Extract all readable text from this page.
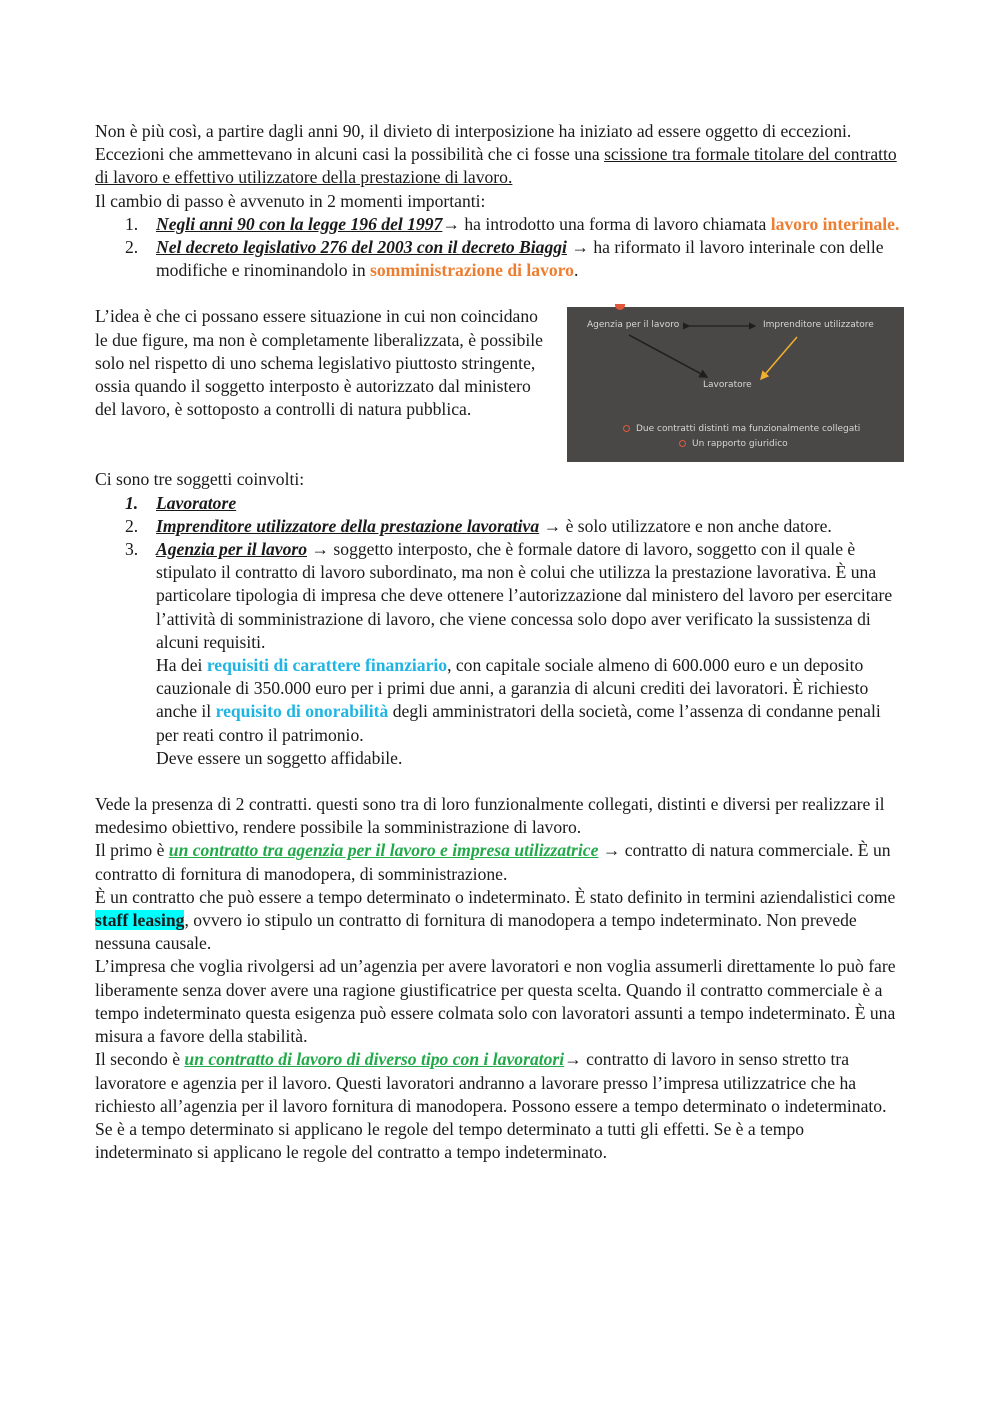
Non è più così, a partire dagli anni 90, il divieto di interposizione ha iniziato ad essere oggetto di eccezioni. Eccezioni che ammettevano in alcuni casi la possibilità che ci fosse una scissione tra formale titolare del contratto di lavoro e effettivo utilizzatore della prestazione di lavoro.

Il cambio di passo è avvenuto in 2 momenti importanti:

1. Negli anni 90 con la legge 196 del 1997→ ha introdotto una forma di lavoro chiamata lavoro interinale.
2. Nel decreto legislativo 276 del 2003 con il decreto Biaggi → ha riformato il lavoro interinale con delle modifiche e rinominandolo in somministrazione di lavoro.

L’idea è che ci possano essere situazione in cui non coincidano le due figure, ma non è completamente liberalizzata, è possibile solo nel rispetto di uno schema legislativo piuttosto stringente, ossia quando il soggetto interposto è autorizzato dal ministero del lavoro, è sottoposto a controlli di natura pubblica.

Agenzia per il lavoro	Imprenditore utilizzatore
Lavoratore
Due contratti distinti ma funzionalmente collegati
Un rapporto giuridico

Ci sono tre soggetti coinvolti:

1. Lavoratore
2. Imprenditore utilizzatore della prestazione lavorativa → è solo utilizzatore e non anche datore.
3. Agenzia per il lavoro → soggetto interposto, che è formale datore di lavoro, soggetto con il quale è stipulato il contratto di lavoro subordinato, ma non è colui che utilizza la prestazione lavorativa. È una particolare tipologia di impresa che deve ottenere l’autorizzazione dal ministero del lavoro per esercitare l’attività di somministrazione di lavoro, che viene concessa solo dopo aver verificato la sussistenza di alcuni requisiti.
Ha dei requisiti di carattere finanziario, con capitale sociale almeno di 600.000 euro e un deposito cauzionale di 350.000 euro per i primi due anni, a garanzia di alcuni crediti dei lavoratori. È richiesto anche il requisito di onorabilità degli amministratori della società, come l’assenza di condanne penali per reati contro il patrimonio.
Deve essere un soggetto affidabile.

Vede la presenza di 2 contratti. questi sono tra di loro funzionalmente collegati, distinti e diversi per realizzare il medesimo obiettivo, rendere possibile la somministrazione di lavoro.

Il primo è un contratto tra agenzia per il lavoro e impresa utilizzatrice → contratto di natura commerciale. È un contratto di fornitura di manodopera, di somministrazione.

È un contratto che può essere a tempo determinato o indeterminato. È stato definito in termini aziendalistici come staff leasing, ovvero io stipulo un contratto di fornitura di manodopera a tempo indeterminato. Non prevede nessuna causale.

L’impresa che voglia rivolgersi ad un’agenzia per avere lavoratori e non voglia assumerli direttamente lo può fare liberamente senza dover avere una ragione giustificatrice per questa scelta. Quando il contratto commerciale è a tempo indeterminato questa esigenza può essere colmata solo con lavoratori assunti a tempo indeterminato. È una misura a favore della stabilità.

Il secondo è un contratto di lavoro di diverso tipo con i lavoratori→ contratto di lavoro in senso stretto tra lavoratore e agenzia per il lavoro. Questi lavoratori andranno a lavorare presso l’impresa utilizzatrice che ha richiesto all’agenzia per il lavoro fornitura di manodopera. Possono essere a tempo determinato o indeterminato. Se è a tempo determinato si applicano le regole del tempo determinato a tutti gli effetti. Se è a tempo indeterminato si applicano le regole del contratto a tempo indeterminato.
